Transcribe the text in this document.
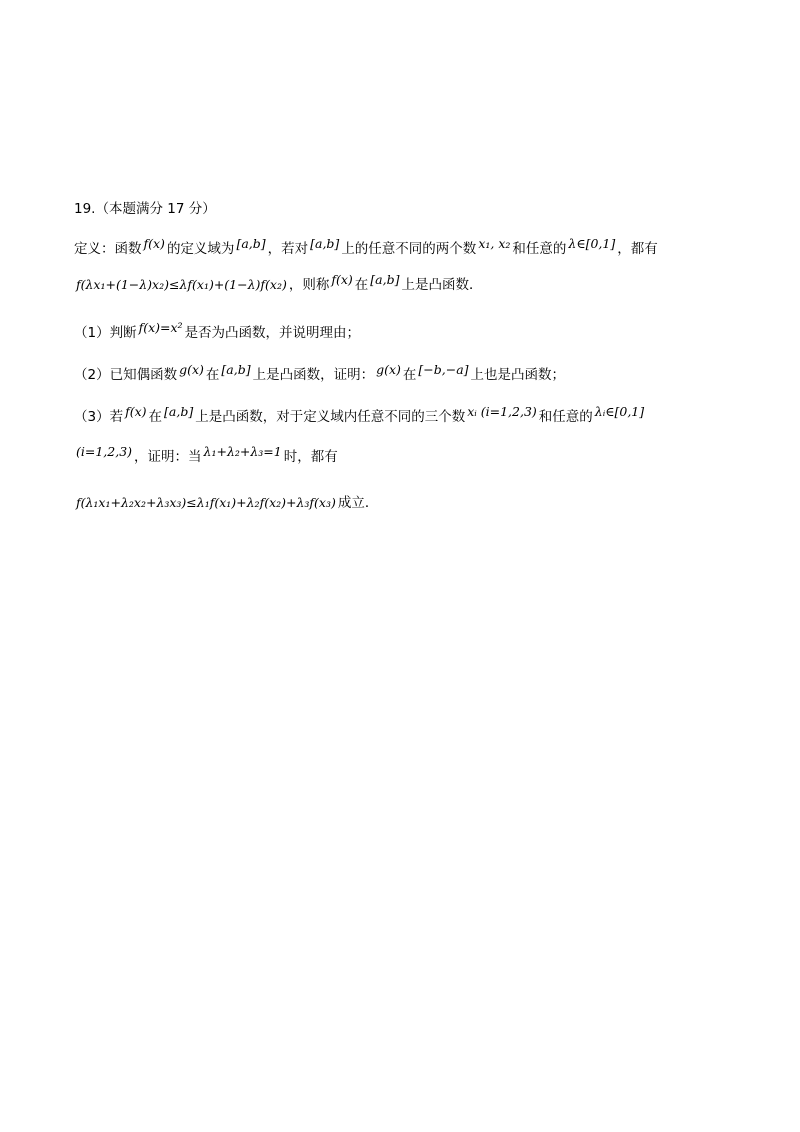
19.（本题满分 17 分）
定义：函数 f(x) 的定义域为 [a,b] ，若对 [a,b] 上的任意不同的两个数 x₁, x₂ 和任意的 λ∈[0,1] ，都有
f(λx₁+(1−λ)x₂)≤λf(x₁)+(1−λ)f(x₂) ，则称 f(x) 在 [a,b] 上是凸函数．
（1）判断 f(x)=x² 是否为凸函数，并说明理由；
（2）已知偶函数 g(x) 在 [a,b] 上是凸函数，证明： g(x) 在 [−b,−a] 上也是凸函数；
（3）若 f(x) 在 [a,b] 上是凸函数，对于定义域内任意不同的三个数 xᵢ (i=1,2,3) 和任意的 λᵢ∈[0,1]
(i=1,2,3) ，证明：当 λ₁+λ₂+λ₃=1 时，都有
f(λ₁x₁+λ₂x₂+λ₃x₃)≤λ₁f(x₁)+λ₂f(x₂)+λ₃f(x₃) 成立．
